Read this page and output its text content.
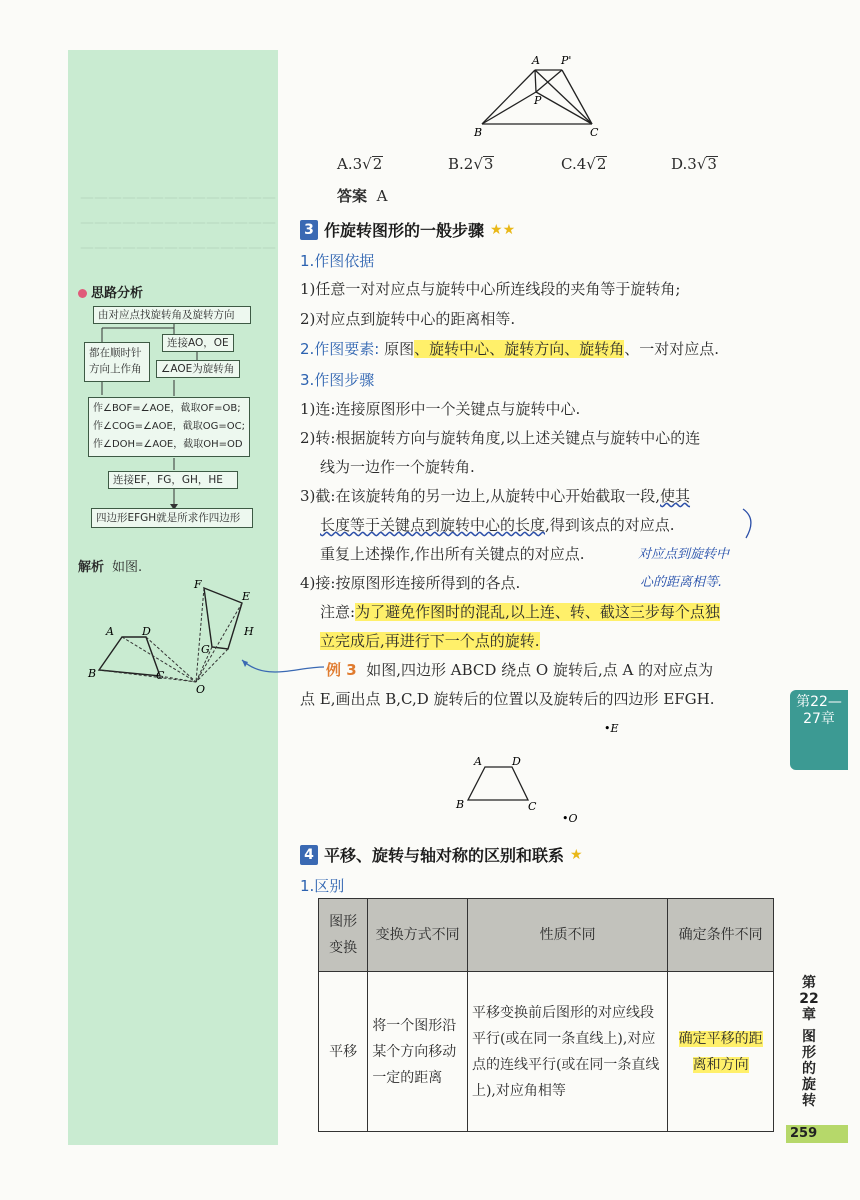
——————————————
——————————————
——————————————
思路分析
由对应点找旋转角及旋转方向
连接AO，OE
都在顺时针方向上作角	∠AOE为旋转角
作∠BOF=∠AOE，截取OF=OB;
作∠COG=∠AOE，截取OG=OC;
作∠DOH=∠AOE，截取OH=OD
连接EF，FG，GH，HE
四边形EFGH就是所求作四边形
解析 如图.
A	D
B	C
O
F
E
G
H
A P'
P
B	C
A.3√2	B.2√3	C.4√2	D.3√3
答案 A
3 作旋转图形的一般步骤 ★★
1.作图依据
1)任意一对对应点与旋转中心所连线段的夹角等于旋转角;
2)对应点到旋转中心的距离相等.
2.作图要素: 原图、旋转中心、旋转方向、旋转角、一对对应点.
3.作图步骤
1)连:连接原图形中一个关键点与旋转中心.
2)转:根据旋转方向与旋转角度,以上述关键点与旋转中心的连
线为一边作一个旋转角.
3)截:在该旋转角的另一边上,从旋转中心开始截取一段,使其
长度等于关键点到旋转中心的长度,得到该点的对应点.
重复上述操作,作出所有关键点的对应点.	对应点到旋转中
心的距离相等.
4)接:按原图形连接所得到的各点.
注意:为了避免作图时的混乱,以上连、转、截这三步每个点独
立完成后,再进行下一个点的旋转.
例 3 如图,四边形 ABCD 绕点 O 旋转后,点 A 的对应点为
点 E,画出点 B,C,D 旋转后的位置以及旋转后的四边形 EFGH.
•E
A	D
B	C
•O
4 平移、旋转与轴对称的区别和联系 ★
1.区别
图形变换	变换方式不同	性质不同	确定条件不同
平移	将一个图形沿某个方向移动一定的距离	平移变换前后图形的对应线段平行(或在同一条直线上),对应点的连线平行(或在同一条直线上),对应角相等	确定平移的距离和方向
第22—27章
第
22
章
图
形
的
旋
转
259
